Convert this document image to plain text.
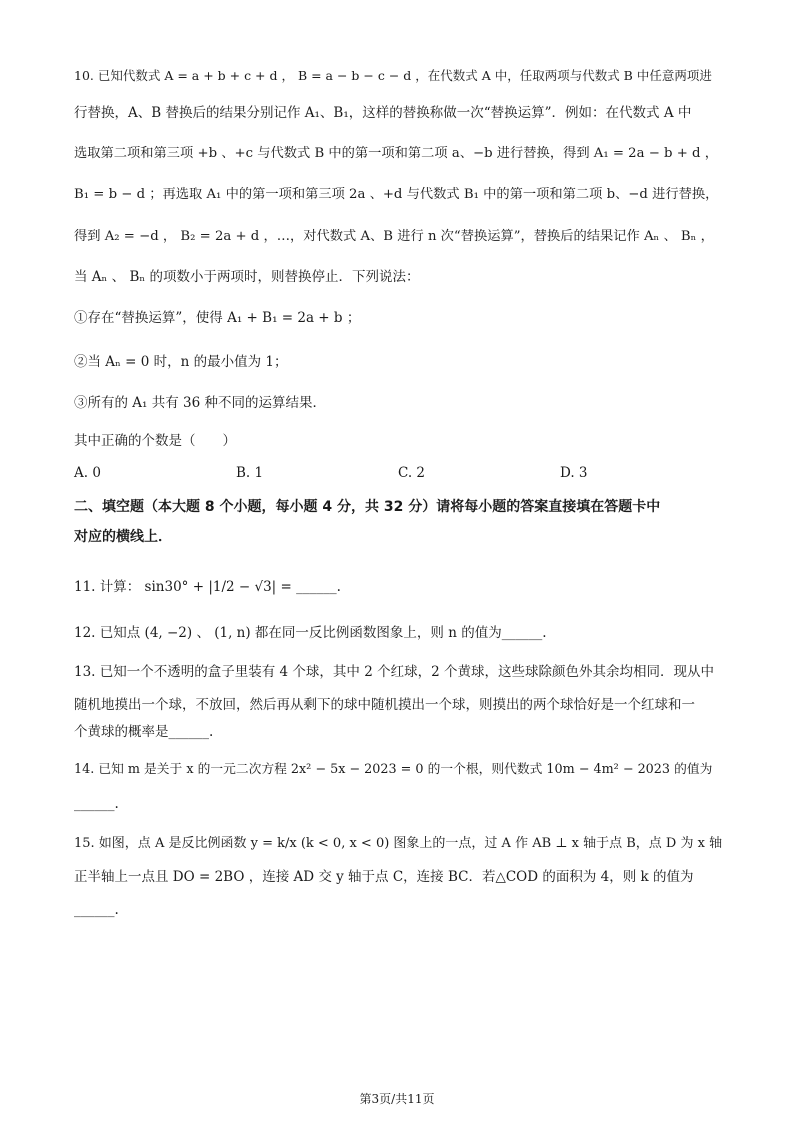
10. 已知代数式 A = a + b + c + d ， B = a − b − c − d ，在代数式 A 中，任取两项与代数式 B 中任意两项进
行替换，A、B 替换后的结果分别记作 A₁、B₁，这样的替换称做一次“替换运算”．例如：在代数式 A 中
选取第二项和第三项 +b 、+c 与代数式 B 中的第一项和第二项 a、−b 进行替换，得到 A₁ = 2a − b + d ，
B₁ = b − d ；再选取 A₁ 中的第一项和第三项 2a 、+d 与代数式 B₁ 中的第一项和第二项 b、−d 进行替换，
得到 A₂ = −d ， B₂ = 2a + d ，…，对代数式 A、B 进行 n 次“替换运算”，替换后的结果记作 Aₙ 、 Bₙ ，
当 Aₙ 、 Bₙ 的项数小于两项时，则替换停止．下列说法：
①存在“替换运算”，使得 A₁ + B₁ = 2a + b ；
②当 Aₙ = 0 时，n 的最小值为 1；
③所有的 A₁ 共有 36 种不同的运算结果．
其中正确的个数是（　　）
A. 0	B. 1	C. 2	D. 3
二、填空题（本大题 8 个小题，每小题 4 分，共 32 分）请将每小题的答案直接填在答题卡中
对应的横线上．
11. 计算： sin30° + |1/2 − √3| = ______.
12. 已知点 (4, −2) 、 (1, n) 都在同一反比例函数图象上，则 n 的值为______.
13. 已知一个不透明的盒子里装有 4 个球，其中 2 个红球，2 个黄球，这些球除颜色外其余均相同．现从中
随机地摸出一个球，不放回，然后再从剩下的球中随机摸出一个球，则摸出的两个球恰好是一个红球和一
个黄球的概率是______.
14. 已知 m 是关于 x 的一元二次方程 2x² − 5x − 2023 = 0 的一个根，则代数式 10m − 4m² − 2023 的值为
______.
15. 如图，点 A 是反比例函数 y = k/x (k < 0, x < 0) 图象上的一点，过 A 作 AB ⊥ x 轴于点 B，点 D 为 x 轴
正半轴上一点且 DO = 2BO ，连接 AD 交 y 轴于点 C，连接 BC．若△COD 的面积为 4，则 k 的值为
______.
第3页/共11页
